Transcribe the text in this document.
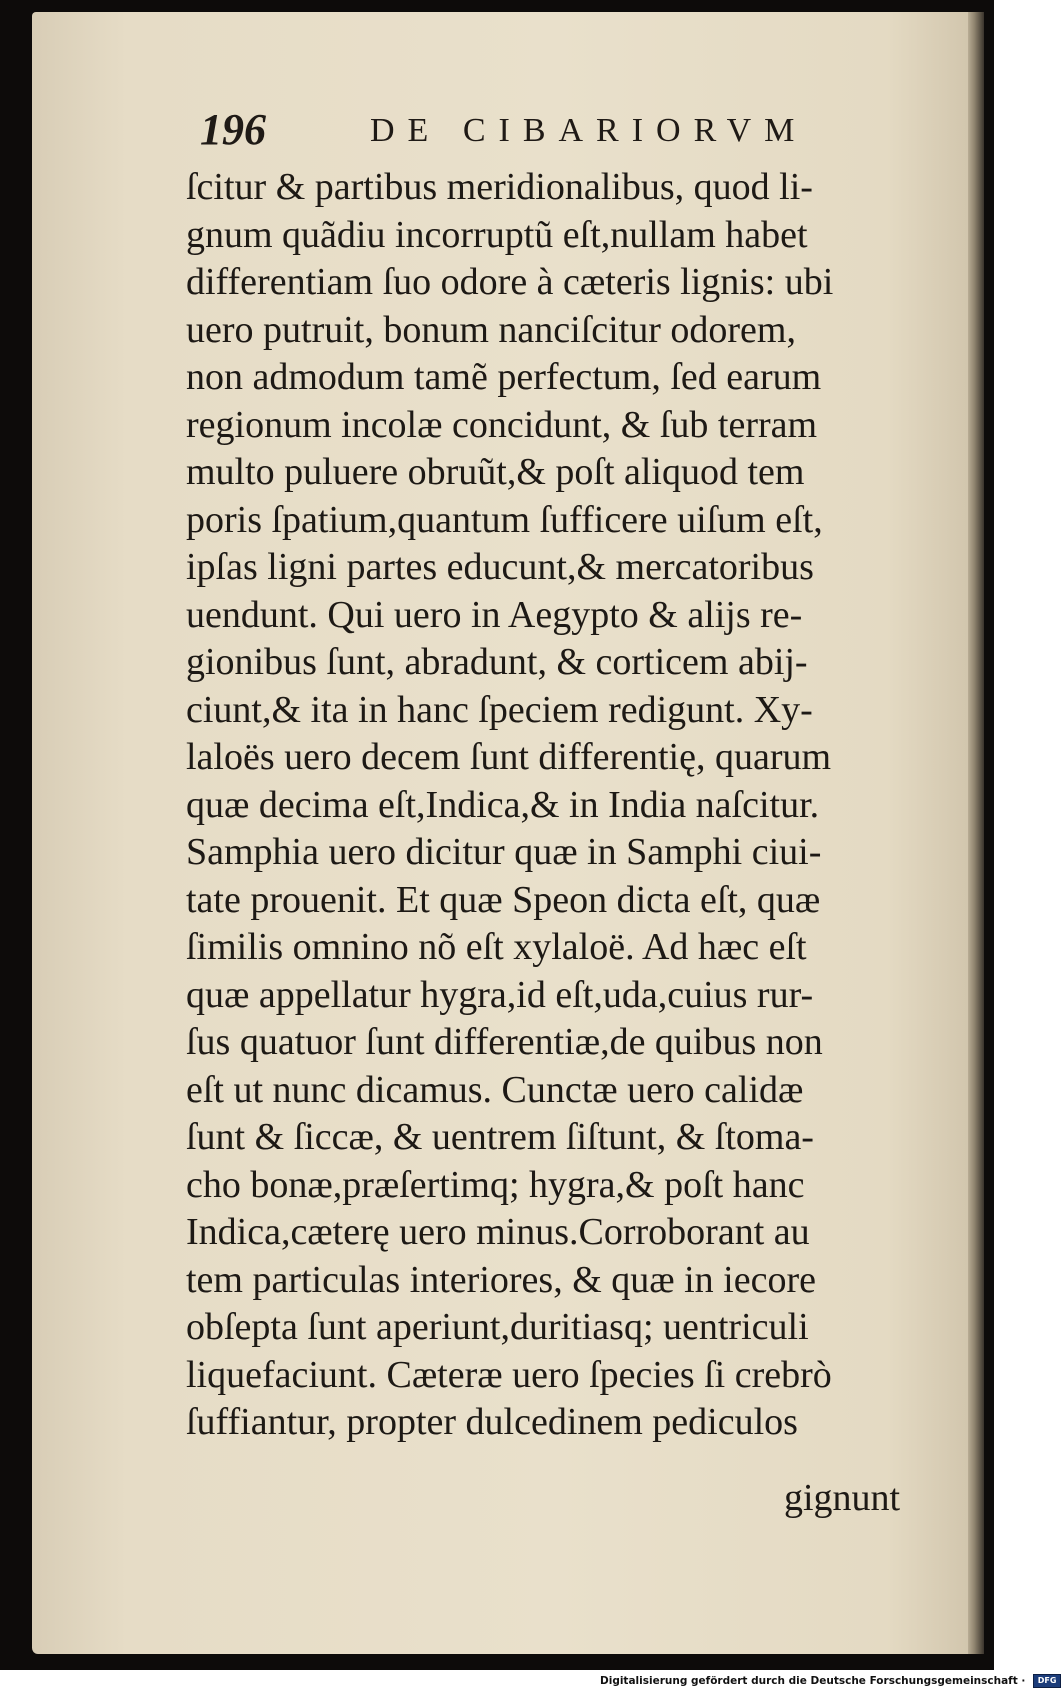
196	DE CIBARIORVM
ſcitur & partibus meridionalibus, quod li-
gnum quãdiu incorruptũ eſt,nullam habet
differentiam ſuo odore à cæteris lignis: ubi
uero putruit, bonum nanciſcitur odorem,
non admodum tamẽ perfectum, ſed earum
regionum incolæ concidunt, & ſub terram
multo puluere obruũt,& poſt aliquod tem
poris ſpatium,quantum ſufficere uiſum eſt,
ipſas ligni partes educunt,& mercatoribus
uendunt. Qui uero in Aegypto & alijs re-
gionibus ſunt, abradunt, & corticem abij-
ciunt,& ita in hanc ſpeciem redigunt. Xy-
laloës uero decem ſunt differentię, quarum
quæ decima eſt,Indica,& in India naſcitur.
Samphia uero dicitur quæ in Samphi ciui-
tate prouenit. Et quæ Speon dicta eſt, quæ
ſimilis omnino nõ eſt xylaloë. Ad hæc eſt
quæ appellatur hygra,id eſt,uda,cuius rur-
ſus quatuor ſunt differentiæ,de quibus non
eſt ut nunc dicamus. Cunctæ uero calidæ
ſunt & ſiccæ, & uentrem ſiſtunt, & ſtoma-
cho bonæ,præſertimq; hygra,& poſt hanc
Indica,cæterę uero minus.Corroborant au
tem particulas interiores, & quæ in iecore
obſepta ſunt aperiunt,duritiasq; uentriculi
liquefaciunt. Cæteræ uero ſpecies ſi crebrò
ſuffiantur, propter dulcedinem pediculos
gignunt
Digitalisierung gefördert durch die Deutsche Forschungsgemeinschaft · DFG
